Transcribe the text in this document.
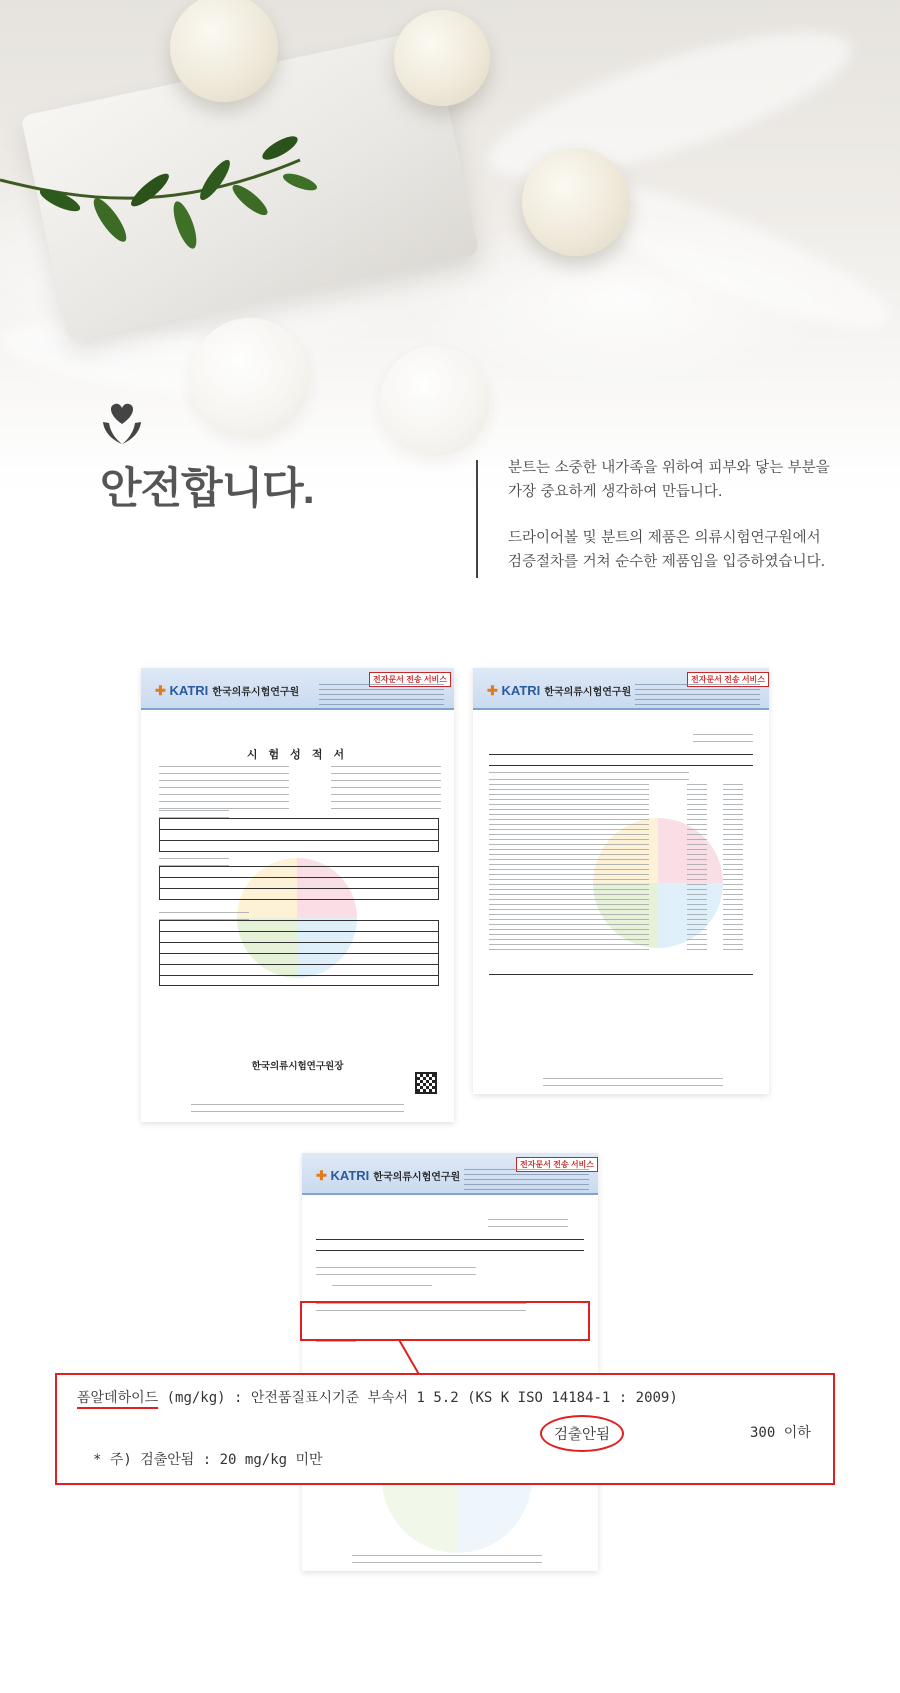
안전합니다.	분트는 소중한 내가족을 위하여 피부와 닿는 부분을
가장 중요하게 생각하여 만듭니다.

드라이어볼 및 분트의 제품은 의류시험연구원에서
검증절차를 거쳐 순수한 제품임을 입증하였습니다.

✚ KATRI 한국의류시험연구원
전자문서 전송 서비스
시 험 성 적 서
한국의류시험연구원장
✚ KATRI 한국의류시험연구원
전자문서 전송 서비스
✚ KATRI 한국의류시험연구원
전자문서 전송 서비스
폼알데하이드 (mg/kg) : 안전품질표시기준 부속서 1 5.2 (KS K ISO 14184-1 : 2009)
검출안됨	300 이하
* 주) 검출안됨 : 20 mg/kg 미만
